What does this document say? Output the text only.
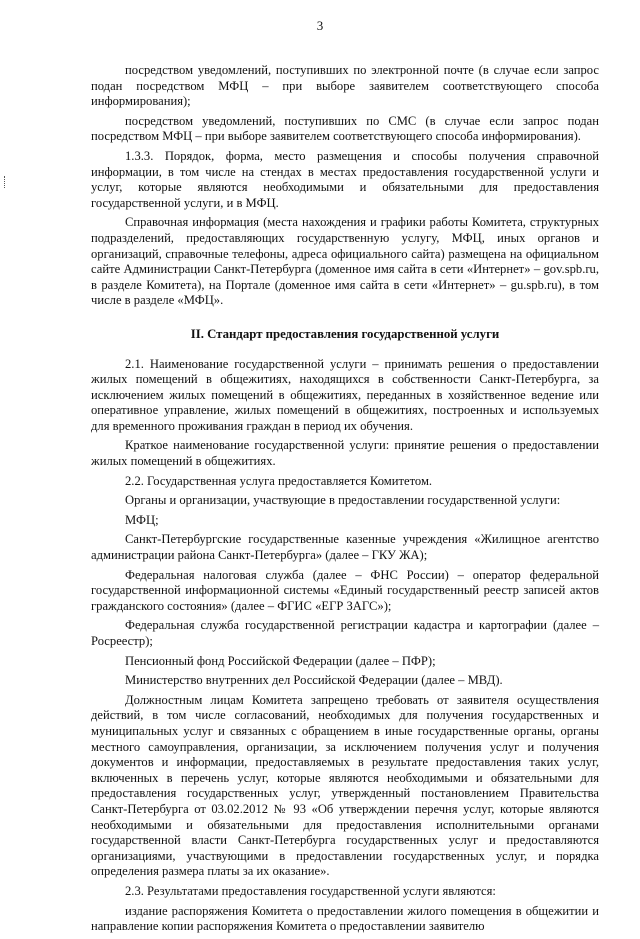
3

посредством уведомлений, поступивших по электронной почте (в случае если запрос подан посредством МФЦ – при выборе заявителем соответствующего способа информирования);

посредством уведомлений, поступивших по СМС (в случае если запрос подан посредством МФЦ – при выборе заявителем соответствующего способа информирования).

1.3.3. Порядок, форма, место размещения и способы получения справочной информации, в том числе на стендах в местах предоставления государственной услуги и услуг, которые являются необходимыми и обязательными для предоставления государственной услуги, и в МФЦ.

Справочная информация (места нахождения и графики работы Комитета, структурных подразделений, предоставляющих государственную услугу, МФЦ, иных органов и организаций, справочные телефоны, адреса официального сайта) размещена на официальном сайте Администрации Санкт-Петербурга (доменное имя сайта в сети «Интернет» – gov.spb.ru, в разделе Комитета), на Портале (доменное имя сайта в сети «Интернет» – gu.spb.ru), в том числе в разделе «МФЦ».

II. Стандарт предоставления государственной услуги

2.1. Наименование государственной услуги – принимать решения о предоставлении жилых помещений в общежитиях, находящихся в собственности Санкт-Петербурга, за исключением жилых помещений в общежитиях, переданных в хозяйственное ведение или оперативное управление, жилых помещений в общежитиях, построенных и используемых для временного проживания граждан в период их обучения.

Краткое наименование государственной услуги: принятие решения о предоставлении жилых помещений в общежитиях.

2.2. Государственная услуга предоставляется Комитетом.

Органы и организации, участвующие в предоставлении государственной услуги:

МФЦ;

Санкт-Петербургские государственные казенные учреждения «Жилищное агентство администрации района Санкт-Петербурга» (далее – ГКУ ЖА);

Федеральная налоговая служба (далее – ФНС России) – оператор федеральной государственной информационной системы «Единый государственный реестр записей актов гражданского состояния» (далее – ФГИС «ЕГР ЗАГС»);

Федеральная служба государственной регистрации кадастра и картографии (далее – Росреестр);

Пенсионный фонд Российской Федерации (далее – ПФР);

Министерство внутренних дел Российской Федерации (далее – МВД).

Должностным лицам Комитета запрещено требовать от заявителя осуществления действий, в том числе согласований, необходимых для получения государственных и муниципальных услуг и связанных с обращением в иные государственные органы, органы местного самоуправления, организации, за исключением получения услуг и получения документов и информации, предоставляемых в результате предоставления таких услуг, включенных в перечень услуг, которые являются необходимыми и обязательными для предоставления государственных услуг, утвержденный постановлением Правительства Санкт-Петербурга от 03.02.2012 № 93 «Об утверждении перечня услуг, которые являются необходимыми и обязательными для предоставления исполнительными органами государственной власти Санкт-Петербурга государственных услуг и предоставляются организациями, участвующими в предоставлении государственных услуг, и порядка определения размера платы за их оказание».

2.3. Результатами предоставления государственной услуги являются:

издание распоряжения Комитета о предоставлении жилого помещения в общежитии и направление копии распоряжения Комитета о предоставлении заявителю
